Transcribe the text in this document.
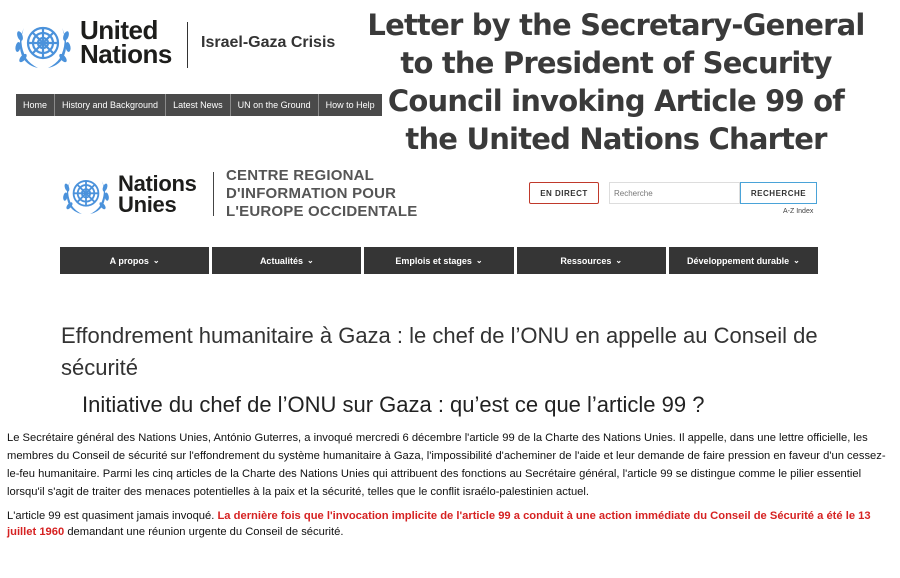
United
Nations Israel-Gaza Crisis
Home	History and Background	Latest News	UN on the Ground	How to Help
Letter by the Secretary-General to the President of Security Council invoking Article 99 of the United Nations Charter
Nations
Unies
CENTRE REGIONAL
D'INFORMATION POUR
L'EUROPE OCCIDENTALE
EN DIRECT
Recherche	RECHERCHE
A-Z Index
A propos ⌄	Actualités ⌄	Emplois et stages ⌄	Ressources ⌄	Développement durable ⌄
Effondrement humanitaire à Gaza : le chef de l’ONU en appelle au Conseil de sécurité
Initiative du chef de l’ONU sur Gaza : qu’est ce que l’article 99 ?

Le Secrétaire général des Nations Unies, António Guterres, a invoqué mercredi 6 décembre l'article 99 de la Charte des Nations Unies. Il appelle, dans une lettre officielle, les membres du Conseil de sécurité sur l'effondrement du système humanitaire à Gaza, l'impossibilité d'acheminer de l'aide et leur demande de faire pression en faveur d'un cessez-le-feu humanitaire. Parmi les cinq articles de la Charte des Nations Unies qui attribuent des fonctions au Secrétaire général, l'article 99 se distingue comme le pilier essentiel lorsqu'il s'agit de traiter des menaces potentielles à la paix et la sécurité, telles que le conflit israélo-palestinien actuel.

L'article 99 est quasiment jamais invoqué. La dernière fois que l'invocation implicite de l'article 99 a conduit à une action immédiate du Conseil de Sécurité a été le 13 juillet 1960 demandant une réunion urgente du Conseil de sécurité.
